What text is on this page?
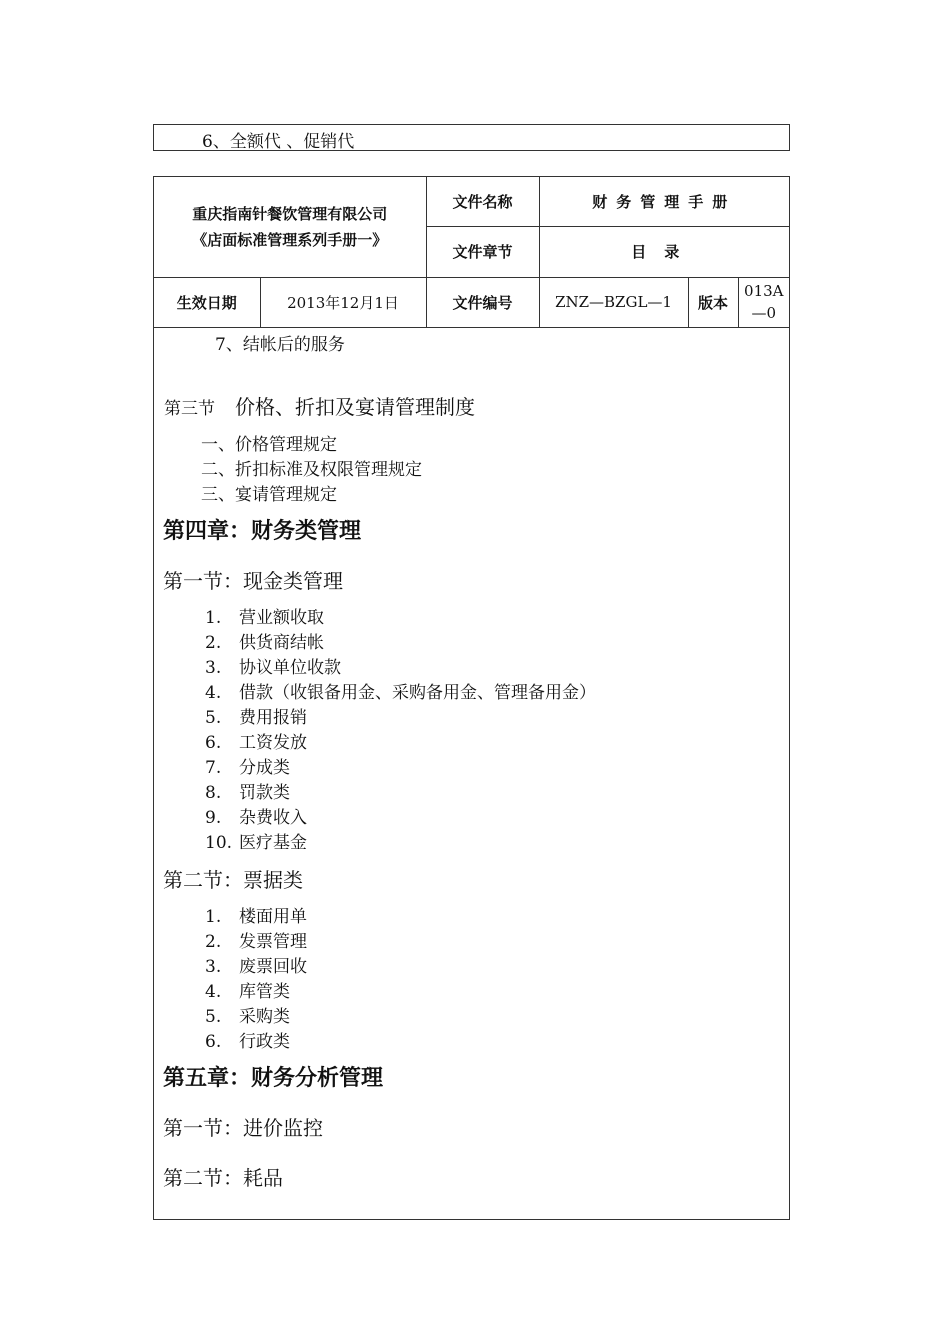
6、全额代 、促销代
重庆指南针餐饮管理有限公司
《店面标准管理系列手册一》		文件名称	财务管理手册		
		文件章节	目录		
生效日期	2013年12月1日	文件编号	ZNZ—BZGL—1	版本	013A
—0
7、结帐后的服务
第三节 价格、折扣及宴请管理制度
一、价格管理规定
二、折扣标准及权限管理规定
三、宴请管理规定
第四章：财务类管理
第一节：现金类管理
1. 营业额收取
2. 供货商结帐
3. 协议单位收款
4. 借款（收银备用金、采购备用金、管理备用金）
5. 费用报销
6. 工资发放
7. 分成类
8. 罚款类
9. 杂费收入
10. 医疗基金
第二节：票据类
1. 楼面用单
2. 发票管理
3. 废票回收
4. 库管类
5. 采购类
6. 行政类
第五章：财务分析管理
第一节：进价监控
第二节：耗品
